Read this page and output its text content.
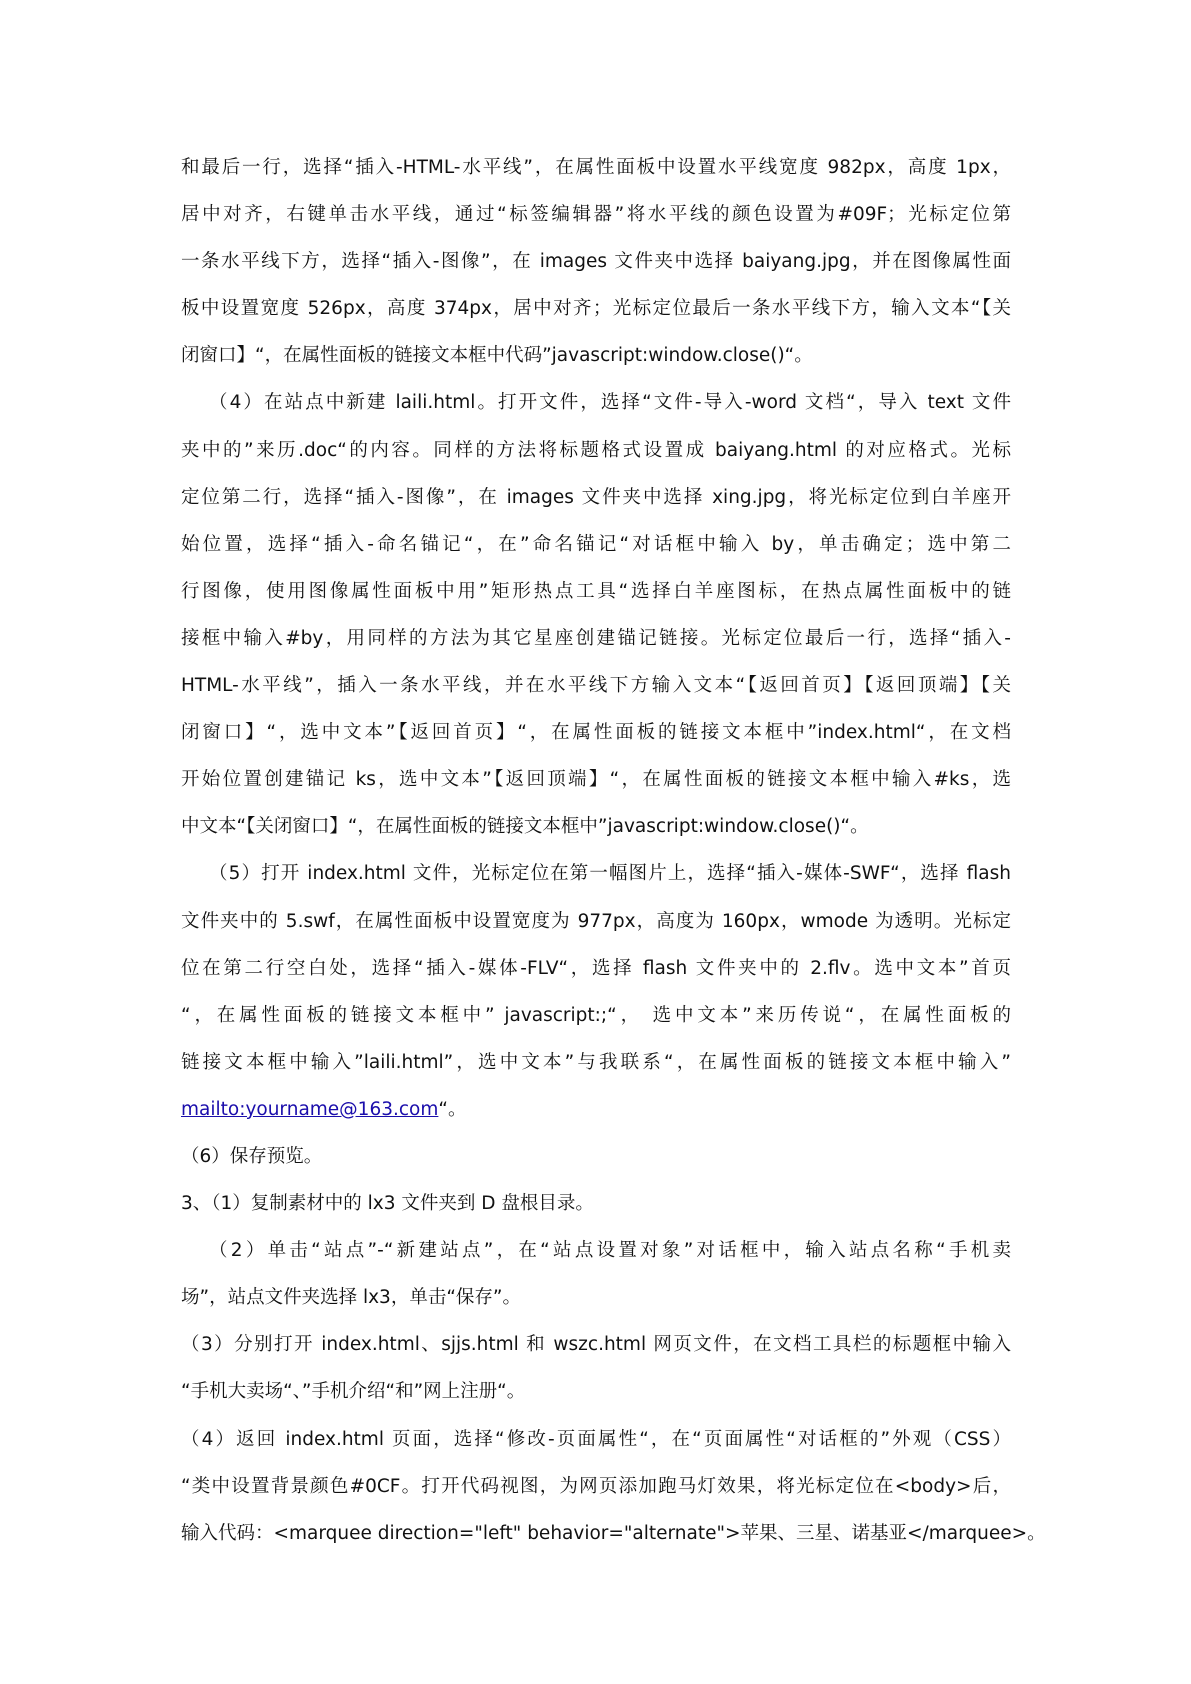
和最后一行，选择“插入-HTML-水平线”，在属性面板中设置水平线宽度 982px，高度 1px，
居中对齐，右键单击水平线，通过“标签编辑器”将水平线的颜色设置为#09F；光标定位第
一条水平线下方，选择“插入-图像”，在 images 文件夹中选择 baiyang.jpg，并在图像属性面
板中设置宽度 526px，高度 374px，居中对齐；光标定位最后一条水平线下方，输入文本“【关
闭窗口】“，在属性面板的链接文本框中代码”javascript:window.close()“。
（4）在站点中新建 laili.html。打开文件，选择“文件-导入-word 文档“，导入 text 文件
夹中的”来历.doc“的内容。同样的方法将标题格式设置成 baiyang.html 的对应格式。光标
定位第二行，选择“插入-图像”，在 images 文件夹中选择 xing.jpg，将光标定位到白羊座开
始位置，选择“插入-命名锚记“，在”命名锚记“对话框中输入 by，单击确定；选中第二
行图像，使用图像属性面板中用”矩形热点工具“选择白羊座图标，在热点属性面板中的链
接框中输入#by，用同样的方法为其它星座创建锚记链接。光标定位最后一行，选择“插入-
HTML-水平线”，插入一条水平线，并在水平线下方输入文本“【返回首页】【返回顶端】【关
闭窗口】“，选中文本”【返回首页】“，在属性面板的链接文本框中”index.html“，在文档
开始位置创建锚记 ks，选中文本”【返回顶端】“，在属性面板的链接文本框中输入#ks，选
中文本“【关闭窗口】“，在属性面板的链接文本框中”javascript:window.close()“。
（5）打开 index.html 文件，光标定位在第一幅图片上，选择“插入-媒体-SWF“，选择 flash
文件夹中的 5.swf，在属性面板中设置宽度为 977px，高度为 160px，wmode 为透明。光标定
位在第二行空白处，选择“插入-媒体-FLV“，选择 flash 文件夹中的 2.flv。选中文本”首页
“，在属性面板的链接文本框中” javascript:;“， 选中文本”来历传说“，在属性面板的
链接文本框中输入”laili.html”，选中文本”与我联系“，在属性面板的链接文本框中输入”
mailto:yourname@163.com“。
（6）保存预览。
3、（1）复制素材中的 lx3 文件夹到 D 盘根目录。
（2）单击“站点”-“新建站点”，在“站点设置对象”对话框中，输入站点名称“手机卖
场”，站点文件夹选择 lx3，单击“保存”。
（3）分别打开 index.html、sjjs.html 和 wszc.html 网页文件，在文档工具栏的标题框中输入
“手机大卖场“、”手机介绍“和”网上注册“。
（4）返回 index.html 页面，选择“修改-页面属性“，在“页面属性“对话框的”外观（CSS）
“类中设置背景颜色#0CF。打开代码视图，为网页添加跑马灯效果，将光标定位在<body>后，
输入代码：<marquee direction="left" behavior="alternate">苹果、三星、诺基亚</marquee>。
